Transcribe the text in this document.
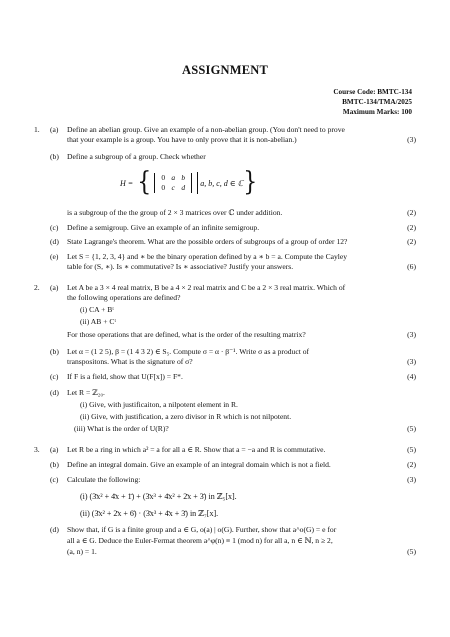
ASSIGNMENT
Course Code: BMTC-134
BMTC-134/TMA/2025
Maximum Marks: 100
1. (a) Define an abelian group. Give an example of a non-abelian group. (You don't need to prove
that your example is a group. You have to only prove that it is non-abelian.)	(3)
(b) Define a subgroup of a group. Check whether
H = {	0 a b
0 c d	a, b, c, d ∈ ℂ }
is a subgroup of the the group of 2 × 3 matrices over ℂ under addition.	(2)
(c) Define a semigroup. Give an example of an infinite semigroup.	(2)
(d) State Lagrange's theorem. What are the possible orders of subgroups of a group of order 12?	(2)
(e) Let S = {1, 2, 3, 4} and ∗ be the binary operation defined by a ∗ b = a. Compute the Cayley
table for (S, ∗). Is ∗ commutative? Is ∗ associative? Justify your answers.	(6)
2. (a) Let A be a 3 × 4 real matrix, B be a 4 × 2 real matrix and C be a 2 × 3 real matrix. Which of
the following operations are defined?
(i) CA + Bᵗ
(ii) AB + Cᵗ
For those operations that are defined, what is the order of the resulting matrix?	(3)
(b) Let α = (1 2 5), β = (1 4 3 2) ∈ S₅. Compute σ = α · β⁻¹. Write σ as a product of
transpositons. What is the signature of σ?	(3)
(c) If F is a field, show that U(F[x]) = F*.	(4)
(d) Let R = ℤ₂₀.
(i) Give, with justificaiton, a nilpotent element in R.
(ii) Give, with justification, a zero divisor in R which is not nilpotent.
(iii) What is the order of U(R)?	(5)
3. (a) Let R be a ring in which a² = a for all a ∈ R. Show that a = −a and R is commutative.	(5)
(b) Define an integral domain. Give an example of an integral domain which is not a field.	(2)
(c) Calculate the following:	(3)
(i) (3̄x² + 4̄x + 1̄) + (3̄x³ + 4̄x² + 2̄x + 3̄) in ℤ₅[x].
(ii) (3̄x² + 2̄x + 6̄) · (3̄x³ + 4̄x + 3̄) in ℤ₇[x].
(d) Show that, if G is a finite group and a ∈ G, o(a) | o(G). Further, show that a^o(G) = e for
all a ∈ G. Deduce the Euler-Fermat theorem a^φ(n) ≡ 1 (mod n) for all a, n ∈ ℕ, n ≥ 2,
(a, n) = 1.	(5)
